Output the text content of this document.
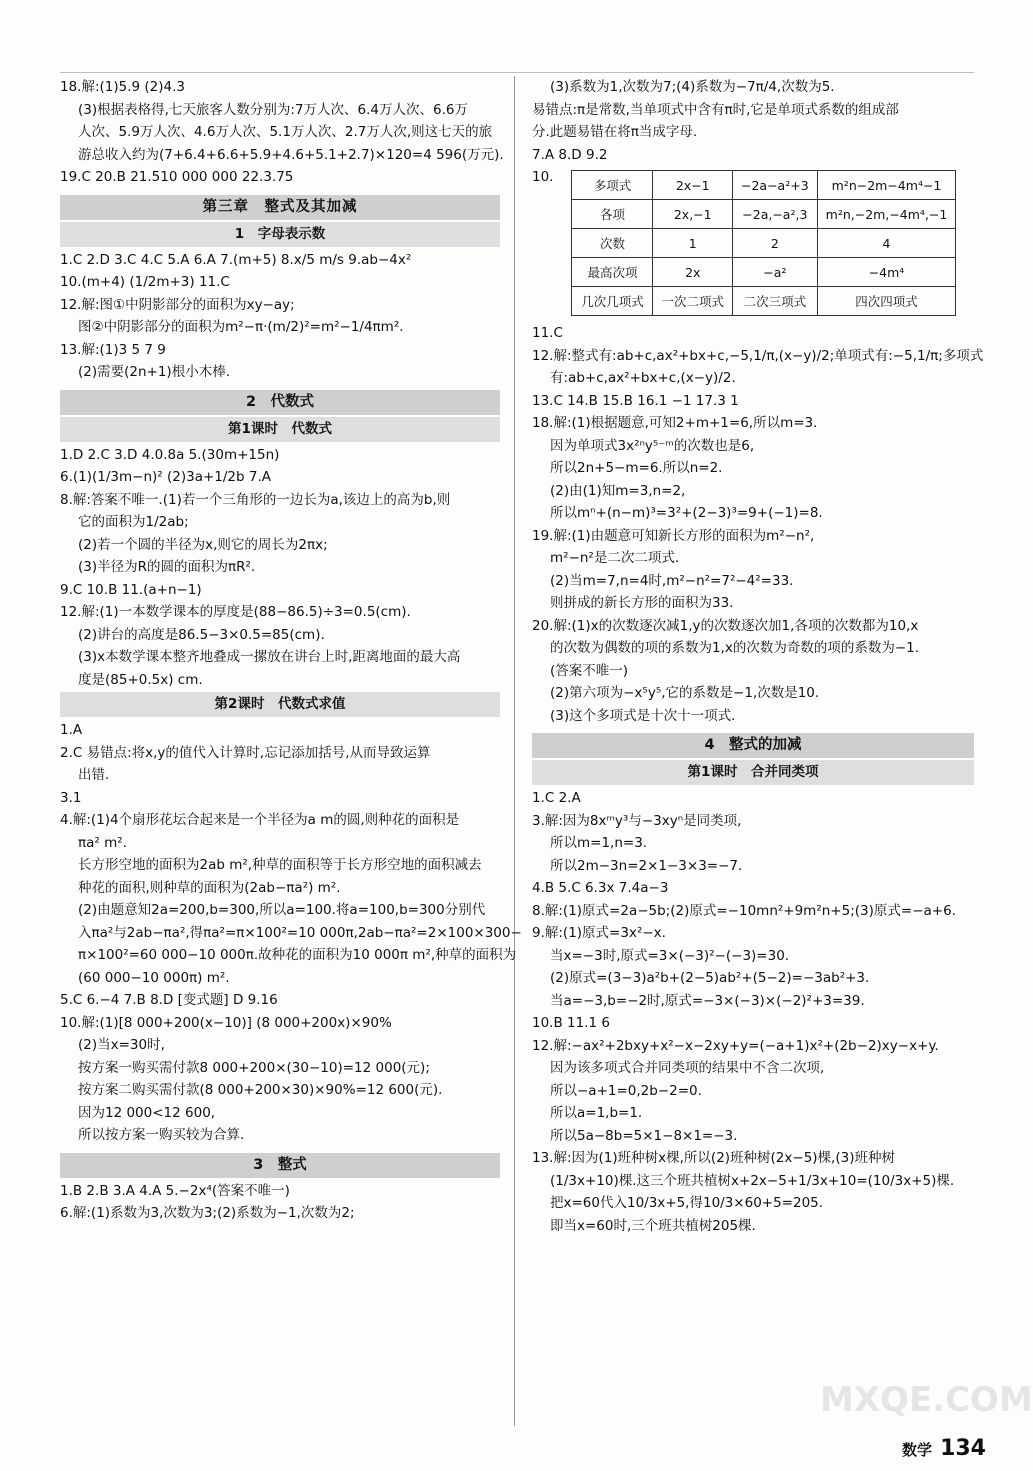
18.解:(1)5.9 (2)4.3
(3)根据表格得,七天旅客人数分别为:7万人次、6.4万人次、6.6万
人次、5.9万人次、4.6万人次、5.1万人次、2.7万人次,则这七天的旅
游总收入约为(7+6.4+6.6+5.9+4.6+5.1+2.7)×120=4 596(万元).
19.C 20.B 21.510 000 000 22.3.75
第三章　整式及其加减
1　字母表示数
1.C 2.D 3.C 4.C 5.A 6.A 7.(m+5) 8.x/5 m/s 9.ab−4x²
10.(m+4) (1/2m+3) 11.C
12.解:图①中阴影部分的面积为xy−ay;
图②中阴影部分的面积为m²−π·(m/2)²=m²−1/4πm².
13.解:(1)3 5 7 9
(2)需要(2n+1)根小木棒.
2　代数式
第1课时　代数式
1.D 2.C 3.D 4.0.8a 5.(30m+15n)
6.(1)(1/3m−n)² (2)3a+1/2b 7.A
8.解:答案不唯一.(1)若一个三角形的一边长为a,该边上的高为b,则
它的面积为1/2ab;
(2)若一个圆的半径为x,则它的周长为2πx;
(3)半径为R的圆的面积为πR².
9.C 10.B 11.(a+n−1)
12.解:(1)一本数学课本的厚度是(88−86.5)÷3=0.5(cm).
(2)讲台的高度是86.5−3×0.5=85(cm).
(3)x本数学课本整齐地叠成一摞放在讲台上时,距离地面的最大高
度是(85+0.5x) cm.
第2课时　代数式求值
1.A
2.C 易错点:将x,y的值代入计算时,忘记添加括号,从而导致运算
出错.
3.1
4.解:(1)4个扇形花坛合起来是一个半径为a m的圆,则种花的面积是
πa² m².
长方形空地的面积为2ab m²,种草的面积等于长方形空地的面积减去
种花的面积,则种草的面积为(2ab−πa²) m².
(2)由题意知2a=200,b=300,所以a=100.将a=100,b=300分别代
入πa²与2ab−πa²,得πa²=π×100²=10 000π,2ab−πa²=2×100×300−
π×100²=60 000−10 000π.故种花的面积为10 000π m²,种草的面积为
(60 000−10 000π) m².
5.C 6.−4 7.B 8.D [变式题] D 9.16
10.解:(1)[8 000+200(x−10)] (8 000+200x)×90%
(2)当x=30时,
按方案一购买需付款8 000+200×(30−10)=12 000(元);
按方案二购买需付款(8 000+200×30)×90%=12 600(元).
因为12 000<12 600,
所以按方案一购买较为合算.
3　整式
1.B 2.B 3.A 4.A 5.−2x⁴(答案不唯一)
6.解:(1)系数为3,次数为3;(2)系数为−1,次数为2;
(3)系数为1,次数为7;(4)系数为−7π/4,次数为5.
易错点:π是常数,当单项式中含有π时,它是单项式系数的组成部
分.此题易错在将π当成字母.
7.A 8.D 9.2
10.
多项式	2x−1	−2a−a²+3	m²n−2m−4m⁴−1
各项	2x,−1	−2a,−a²,3	m²n,−2m,−4m⁴,−1
次数	1	2	4
最高次项	2x	−a²	−4m⁴
几次几项式	一次二项式	二次三项式	四次四项式
11.C
12.解:整式有:ab+c,ax²+bx+c,−5,1/π,(x−y)/2;单项式有:−5,1/π;多项式
有:ab+c,ax²+bx+c,(x−y)/2.
13.C 14.B 15.B 16.1 −1 17.3 1
18.解:(1)根据题意,可知2+m+1=6,所以m=3.
因为单项式3x²ⁿy⁵⁻ᵐ的次数也是6,
所以2n+5−m=6.所以n=2.
(2)由(1)知m=3,n=2,
所以mⁿ+(n−m)³=3²+(2−3)³=9+(−1)=8.
19.解:(1)由题意可知新长方形的面积为m²−n²,
m²−n²是二次二项式.
(2)当m=7,n=4时,m²−n²=7²−4²=33.
则拼成的新长方形的面积为33.
20.解:(1)x的次数逐次减1,y的次数逐次加1,各项的次数都为10,x
的次数为偶数的项的系数为1,x的次数为奇数的项的系数为−1.
(答案不唯一)
(2)第六项为−x⁵y⁵,它的系数是−1,次数是10.
(3)这个多项式是十次十一项式.
4　整式的加减
第1课时　合并同类项
1.C 2.A
3.解:因为8xᵐy³与−3xyⁿ是同类项,
所以m=1,n=3.
所以2m−3n=2×1−3×3=−7.
4.B 5.C 6.3x 7.4a−3
8.解:(1)原式=2a−5b;(2)原式=−10mn²+9m²n+5;(3)原式=−a+6.
9.解:(1)原式=3x²−x.
当x=−3时,原式=3×(−3)²−(−3)=30.
(2)原式=(3−3)a²b+(2−5)ab²+(5−2)=−3ab²+3.
当a=−3,b=−2时,原式=−3×(−3)×(−2)²+3=39.
10.B 11.1 6
12.解:−ax²+2bxy+x²−x−2xy+y=(−a+1)x²+(2b−2)xy−x+y.
因为该多项式合并同类项的结果中不含二次项,
所以−a+1=0,2b−2=0.
所以a=1,b=1.
所以5a−8b=5×1−8×1=−3.
13.解:因为(1)班种树x棵,所以(2)班种树(2x−5)棵,(3)班种树
(1/3x+10)棵.这三个班共植树x+2x−5+1/3x+10=(10/3x+5)棵.
把x=60代入10/3x+5,得10/3×60+5=205.
即当x=60时,三个班共植树205棵.
MXQE.COM
数学 134
